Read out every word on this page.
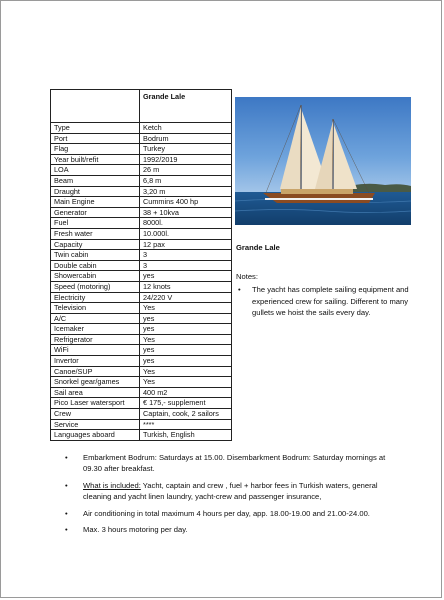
	Grande Lale
Type	Ketch
Port	Bodrum
Flag	Turkey
Year built/refit	1992/2019
LOA	26 m
Beam	6,8 m
Draught	3,20 m
Main Engine	Cummins 400 hp
Generator	38 + 10kva
Fuel	8000l.
Fresh water	10.000l.
Capacity	12 pax
Twin cabin	3
Double cabin	3
Showercabin	yes
Speed (motoring)	12 knots
Electricity	24/220 V
Television	Yes
A/C	yes
Icemaker	yes
Refrigerator	Yes
WiFi	yes
Invertor	yes
Canoe/SUP	Yes
Snorkel gear/games	Yes
Sail area	400 m2
Pico Laser watersport	€ 175,- supplement
Crew	Captain, cook, 2 sailors
Service	****
Languages aboard	Turkish, English
Grande Lale
Notes:
• The yacht has complete sailing equipment and experienced crew for sailing. Different to many gullets we hoist the sails every day.
• Embarkment Bodrum: Saturdays at 15.00. Disembarkment Bodrum: Saturday mornings at 09.30 after breakfast.
• What is included: Yacht, captain and crew , fuel + harbor fees in Turkish waters, general cleaning and yacht linen laundry, yacht-crew and passenger insurance,
• Air conditioning in total maximum 4 hours per day, app. 18.00-19.00 and 21.00-24.00.
• Max. 3 hours motoring per day.
